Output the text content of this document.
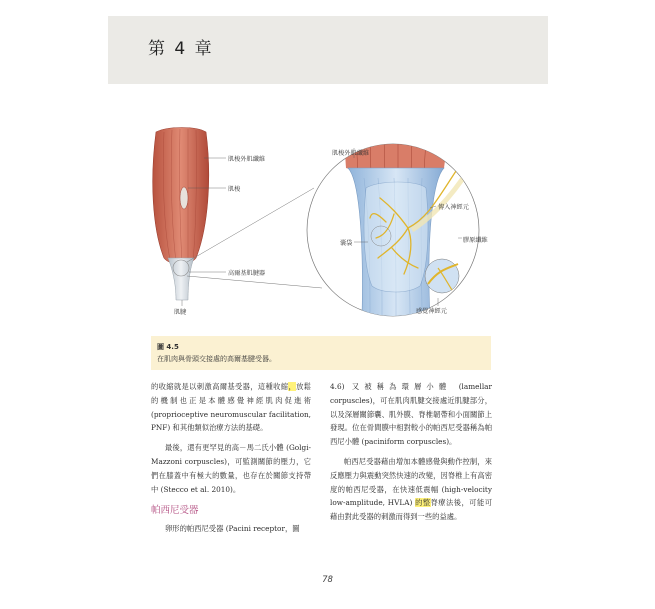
第 4 章
肌梭外肌纖維
肌梭
高爾基肌腱器
肌腱
肌梭外肌纖維
傳入神經元
膠原纖維
囊袋
感覺神經元
圖 4.5
在肌肉與骨頭交接處的高爾基腱受器。

的收縮就是以刺激高爾基受器，這種收縮，放鬆的機制也正是本體感覺神經肌肉促進術 (proprioceptive neuromuscular facilitation, PNF) 和其他類似治療方法的基礎。

最後，還有更罕見的高－馬二氏小體 (Golgi-Mazzoni corpuscles)，可監測關節的壓力，它們在膝蓋中有極大的數量，也存在於關節支持帶中 (Stecco et al. 2010)。

帕西尼受器

卵形的帕西尼受器 (Pacini receptor，圖

4.6) 又被稱為環層小體 (lamellar corpuscles)，可在肌肉肌腱交接處近肌腱部分，以及深層關節囊、肌外膜、脊椎韌帶和小面關節上發現。位在骨間膜中相對較小的帕西尼受器稱為帕西尼小體 (paciniform corpuscles)。

帕西尼受器藉由增加本體感覺與動作控制，來反應壓力與震動突然快速的改變，因脊椎上有高密度的帕西尼受器，在快速低震幅 (high-velocity low-amplitude, HVLA) 的整脊療法後，可能可藉由對此受器的刺激而得到一些的益處。

78
